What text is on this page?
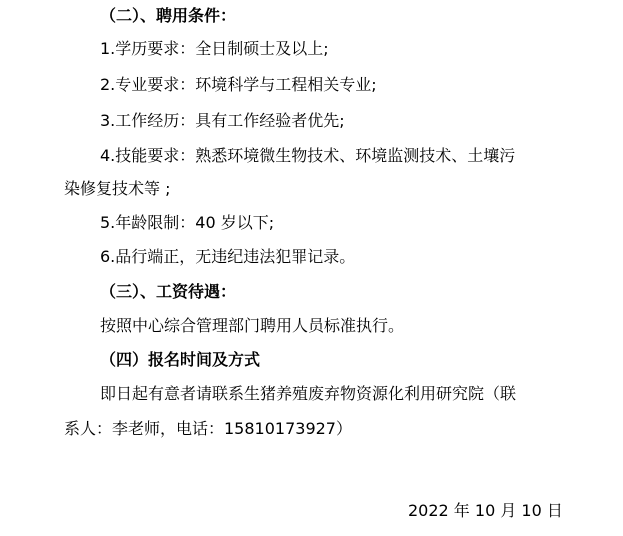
（二）、聘用条件：
1.学历要求：全日制硕士及以上;
2.专业要求：环境科学与工程相关专业;
3.工作经历：具有工作经验者优先;
4.技能要求：熟悉环境微生物技术、环境监测技术、土壤污
染修复技术等 ;
5.年龄限制：40 岁以下;
6.品行端正，无违纪违法犯罪记录。
（三）、工资待遇：
按照中心综合管理部门聘用人员标准执行。
（四）报名时间及方式
即日起有意者请联系生猪养殖废弃物资源化利用研究院（联
系人：李老师，电话：15810173927）
2022 年 10 月 10 日
